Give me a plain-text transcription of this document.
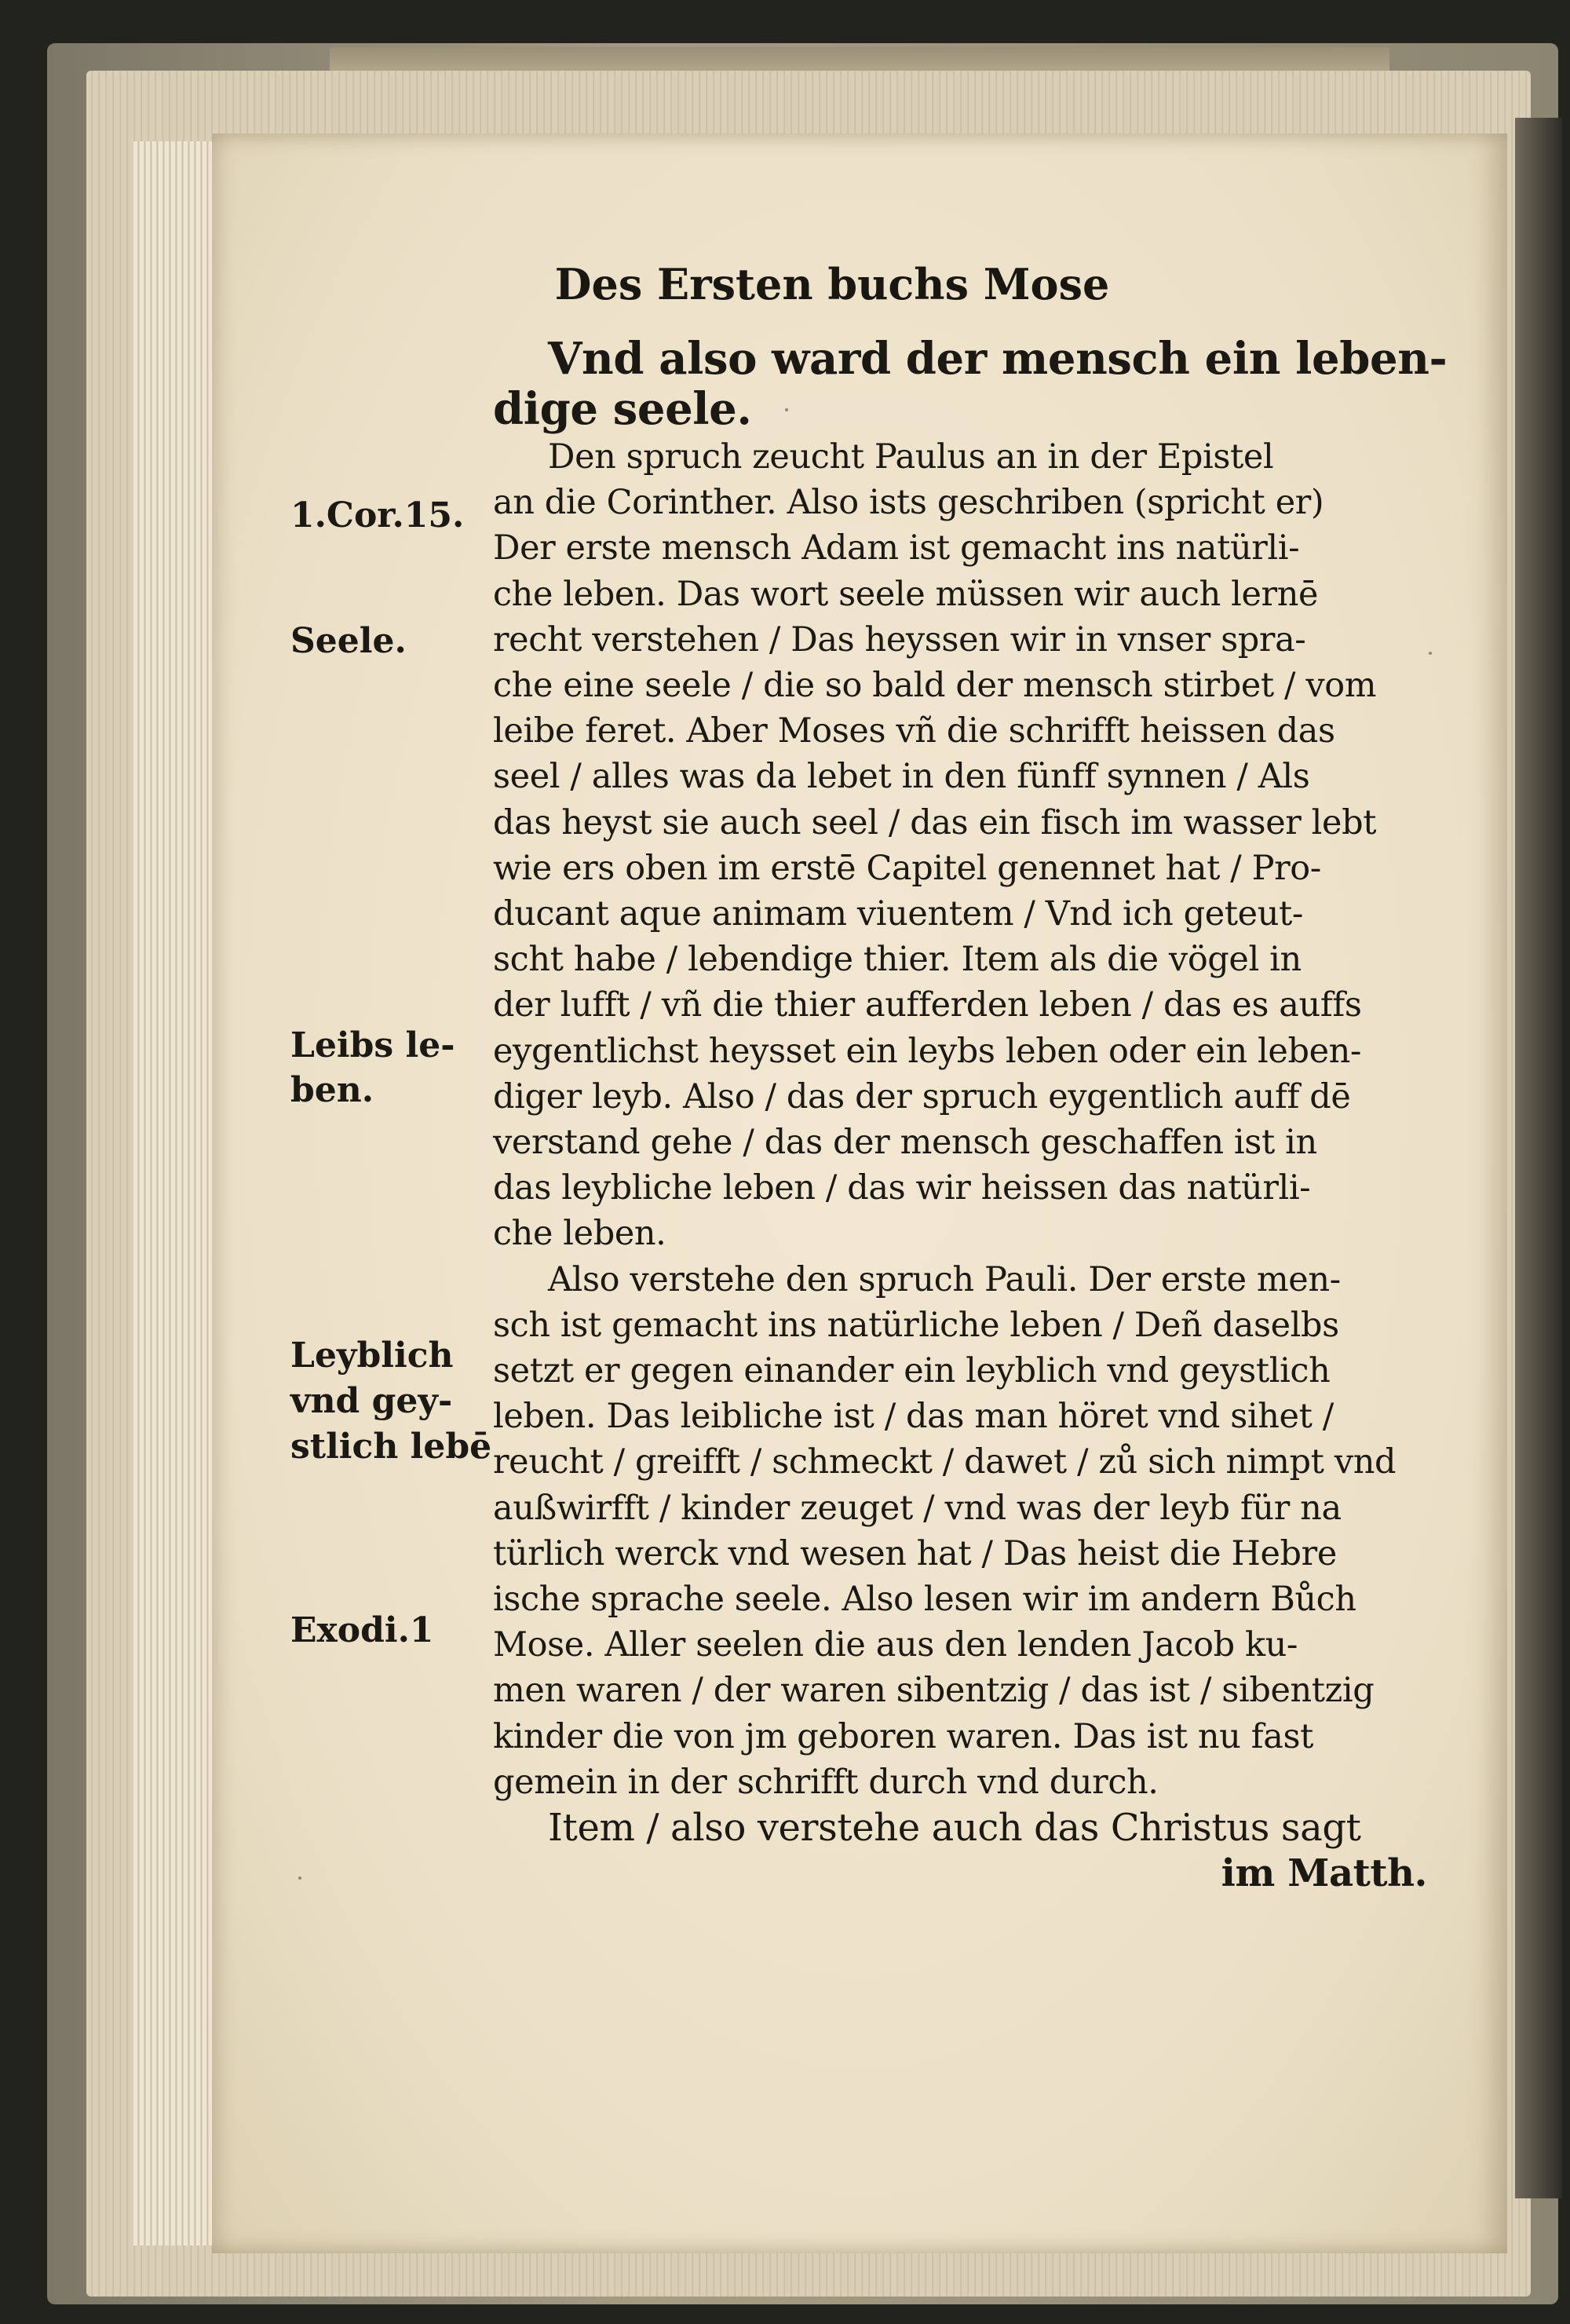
Des Ersten buchs Mose
Vnd also ward der mensch ein leben-
dige seele.
Den spruch zeucht Paulus an in der Epistel
an die Corinther. Also ists geschriben (spricht er)
Der erste mensch Adam ist gemacht ins natürli-
che leben. Das wort seele müssen wir auch lernē
recht verstehen / Das heyssen wir in vnser spra-
che eine seele / die so bald der mensch stirbet / vom
leibe feret. Aber Moses vñ die schrifft heissen das
seel / alles was da lebet in den fünff synnen / Als
das heyst sie auch seel / das ein fisch im wasser lebt
wie ers oben im erstē Capitel genennet hat / Pro-
ducant aque animam viuentem / Vnd ich geteut-
scht habe / lebendige thier. Item als die vögel in
der lufft / vñ die thier aufferden leben / das es auffs
eygentlichst heysset ein leybs leben oder ein leben-
diger leyb. Also / das der spruch eygentlich auff dē
verstand gehe / das der mensch geschaffen ist in
das leybliche leben / das wir heissen das natürli-
che leben.
Also verstehe den spruch Pauli. Der erste men-
sch ist gemacht ins natürliche leben / Deñ daselbs
setzt er gegen einander ein leyblich vnd geystlich
leben. Das leibliche ist / das man höret vnd sihet /
reucht / greifft / schmeckt / dawet / zů sich nimpt vnd
außwirfft / kinder zeuget / vnd was der leyb für na
türlich werck vnd wesen hat / Das heist die Hebre
ische sprache seele. Also lesen wir im andern Bůch
Mose. Aller seelen die aus den lenden Jacob ku-
men waren / der waren sibentzig / das ist / sibentzig
kinder die von jm geboren waren. Das ist nu fast
gemein in der schrifft durch vnd durch.
Item / also verstehe auch das Christus sagt
im Matth.
1.Cor.15.
Seele.
Leibs le-
ben.
Leyblich
vnd gey-
stlich lebē
Exodi.1
